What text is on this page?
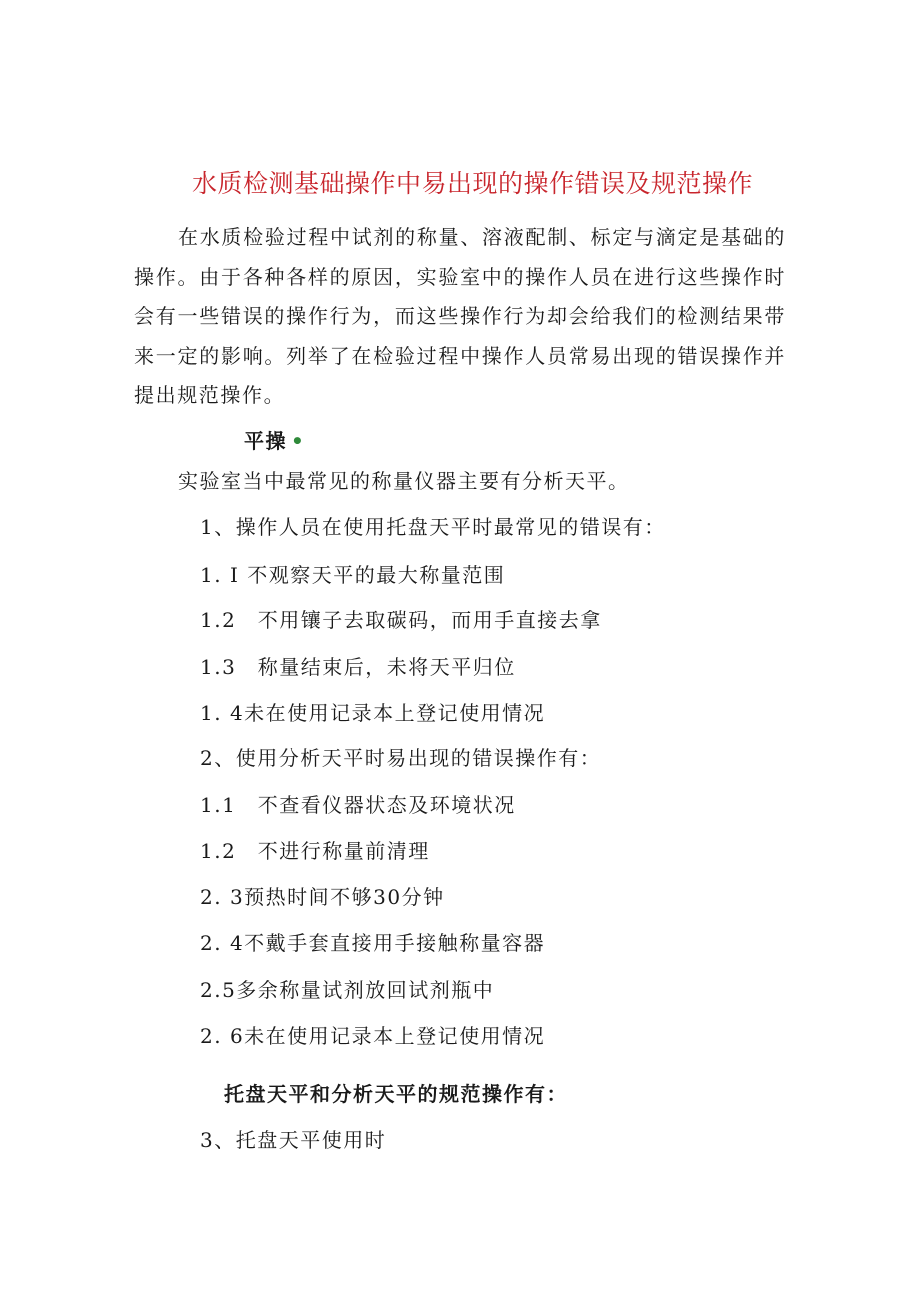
水质检测基础操作中易出现的操作错误及规范操作
在水质检验过程中试剂的称量、溶液配制、标定与滴定是基础的操作。由于各种各样的原因，实验室中的操作人员在进行这些操作时会有一些错误的操作行为，而这些操作行为却会给我们的检测结果带来一定的影响。列举了在检验过程中操作人员常易出现的错误操作并提出规范操作。
平操 •
实验室当中最常见的称量仪器主要有分析天平。
1、操作人员在使用托盘天平时最常见的错误有：
1. I 不观察天平的最大称量范围
1.2　不用镶子去取碳码，而用手直接去拿
1.3　称量结束后，未将天平归位
1. 4未在使用记录本上登记使用情况
2、使用分析天平时易出现的错误操作有：
1.1　不查看仪器状态及环境状况
1.2　不进行称量前清理
2. 3预热时间不够30分钟
2. 4不戴手套直接用手接触称量容器
2.5多余称量试剂放回试剂瓶中
2. 6未在使用记录本上登记使用情况
托盘天平和分析天平的规范操作有：
3、托盘天平使用时
